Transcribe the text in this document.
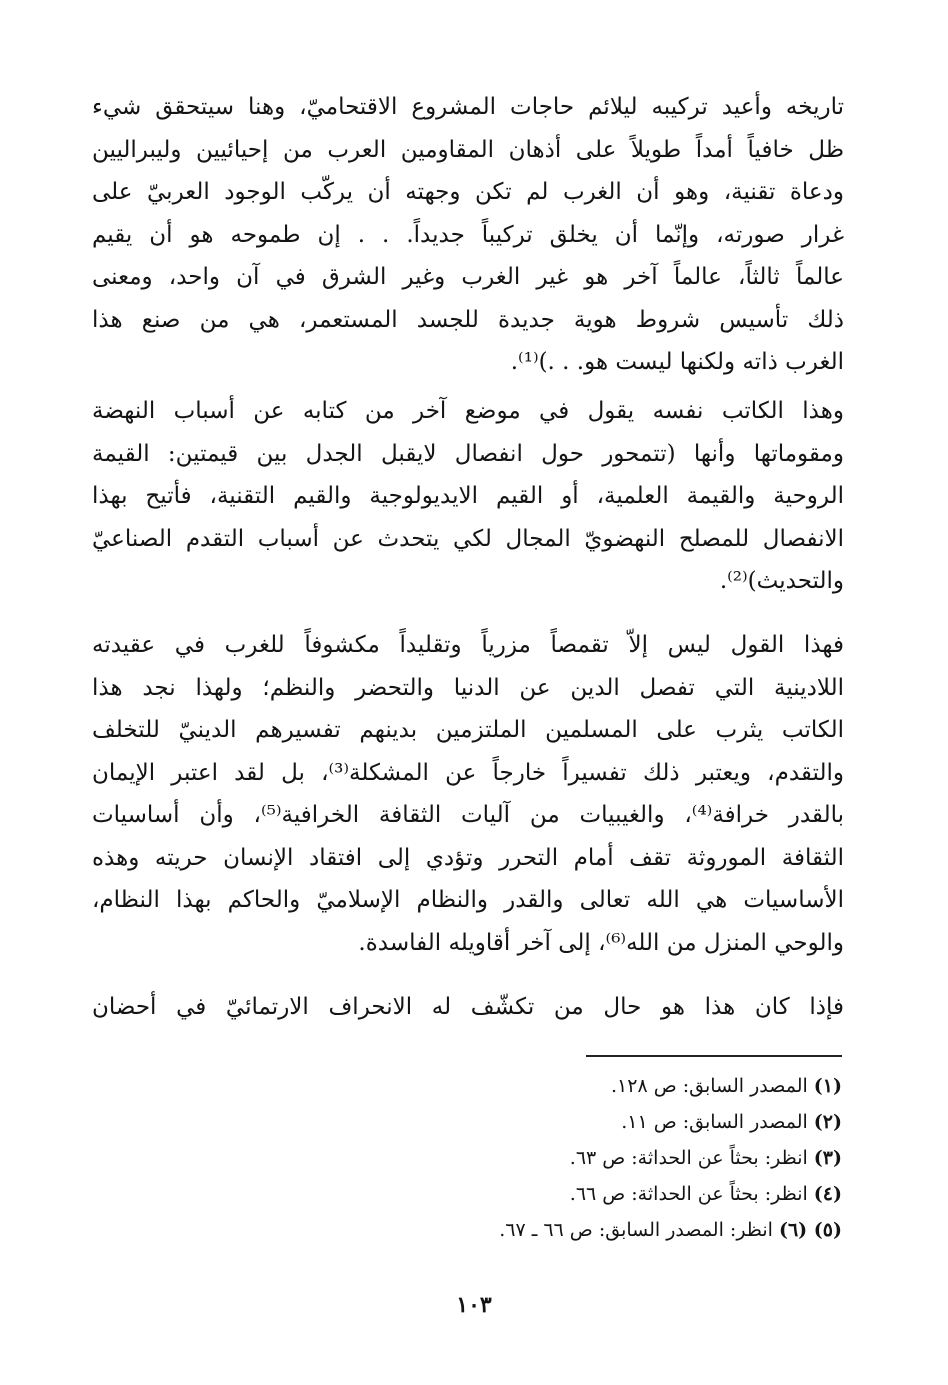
تاريخه وأعيد تركيبه ليلائم حاجات المشروع الاقتحاميّ، وهنا سيتحقق شيء
ظل خافياً أمداً طويلاً على أذهان المقاومين العرب من إحيائيين وليبراليين
ودعاة تقنية، وهو أن الغرب لم تكن وجهته أن يركّب الوجود العربيّ على
غرار صورته، وإنّما أن يخلق تركيباً جديداً. . . إن طموحه هو أن يقيم
عالماً ثالثاً، عالماً آخر هو غير الغرب وغير الشرق في آن واحد، ومعنى
ذلك تأسيس شروط هوية جديدة للجسد المستعمر، هي من صنع هذا
الغرب ذاته ولكنها ليست هو. . .)⁽¹⁾.
وهذا الكاتب نفسه يقول في موضع آخر من كتابه عن أسباب النهضة
ومقوماتها وأنها (تتمحور حول انفصال لايقبل الجدل بين قيمتين: القيمة
الروحية والقيمة العلمية، أو القيم الايديولوجية والقيم التقنية، فأتيح بهذا
الانفصال للمصلح النهضويّ المجال لكي يتحدث عن أسباب التقدم الصناعيّ
والتحديث)⁽²⁾.
فهذا القول ليس إلاّ تقمصاً مزرياً وتقليداً مكشوفاً للغرب في عقيدته
اللادينية التي تفصل الدين عن الدنيا والتحضر والنظم؛ ولهذا نجد هذا
الكاتب يثرب على المسلمين الملتزمين بدينهم تفسيرهم الدينيّ للتخلف
والتقدم، ويعتبر ذلك تفسيراً خارجاً عن المشكلة⁽³⁾، بل لقد اعتبر الإيمان
بالقدر خرافة⁽⁴⁾، والغيبيات من آليات الثقافة الخرافية⁽⁵⁾، وأن أساسيات
الثقافة الموروثة تقف أمام التحرر وتؤدي إلى افتقاد الإنسان حريته وهذه
الأساسيات هي الله تعالى والقدر والنظام الإسلاميّ والحاكم بهذا النظام،
والوحي المنزل من الله⁽⁶⁾، إلى آخر أقاويله الفاسدة.
فإذا كان هذا هو حال من تكشّف له الانحراف الارتمائيّ في أحضان
(١)المصدر السابق: ص ١٢٨.
(٢)المصدر السابق: ص ١١.
(٣)انظر: بحثاً عن الحداثة: ص ٦٣.
(٤)انظر: بحثاً عن الحداثة: ص ٦٦.
(٥) (٦)انظر: المصدر السابق: ص ٦٦ ـ ٦٧.
١٠٣
